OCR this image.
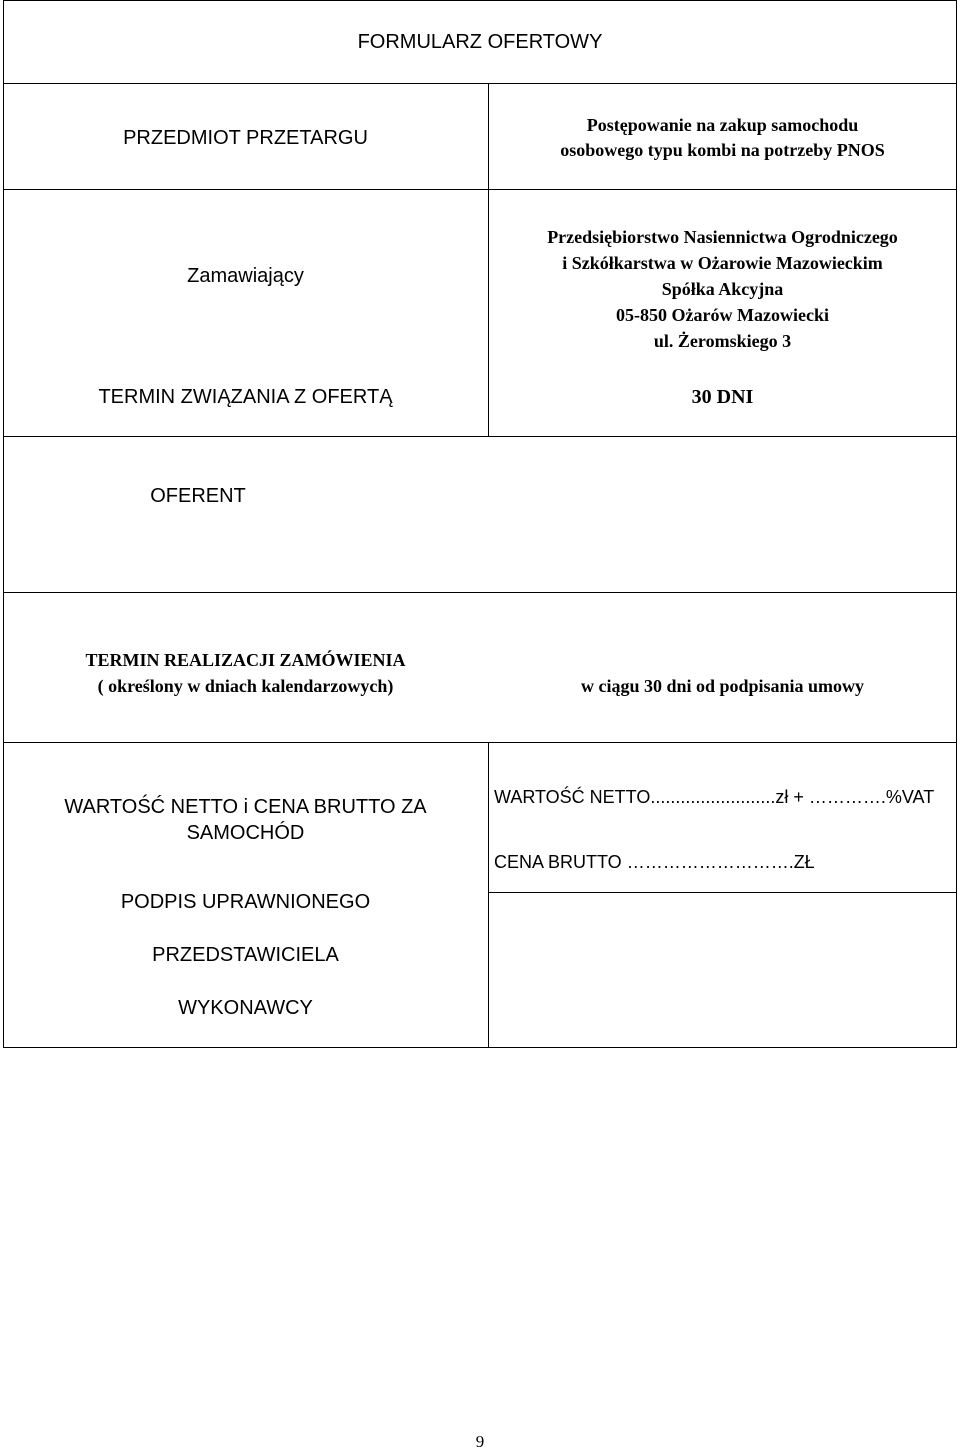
FORMULARZ OFERTOWY
PRZEDMIOT PRZETARGU
Postępowanie na zakup samochodu
osobowego typu kombi na potrzeby PNOS
Zamawiający
Przedsiębiorstwo Nasiennictwa Ogrodniczego
i Szkółkarstwa w Ożarowie Mazowieckim
Spółka Akcyjna
05-850 Ożarów Mazowiecki
ul. Żeromskiego 3
TERMIN ZWIĄZANIA Z OFERTĄ	30 DNI
OFERENT
TERMIN REALIZACJI ZAMÓWIENIA
( określony w dniach kalendarzowych)	w ciągu 30 dni od podpisania umowy
WARTOŚĆ NETTO i CENA BRUTTO ZA
SAMOCHÓD
WARTOŚĆ NETTO.........................zł + ………….%VAT
CENA BRUTTO ……………………….ZŁ
PODPIS UPRAWNIONEGO
PRZEDSTAWICIELA
WYKONAWCY
9
